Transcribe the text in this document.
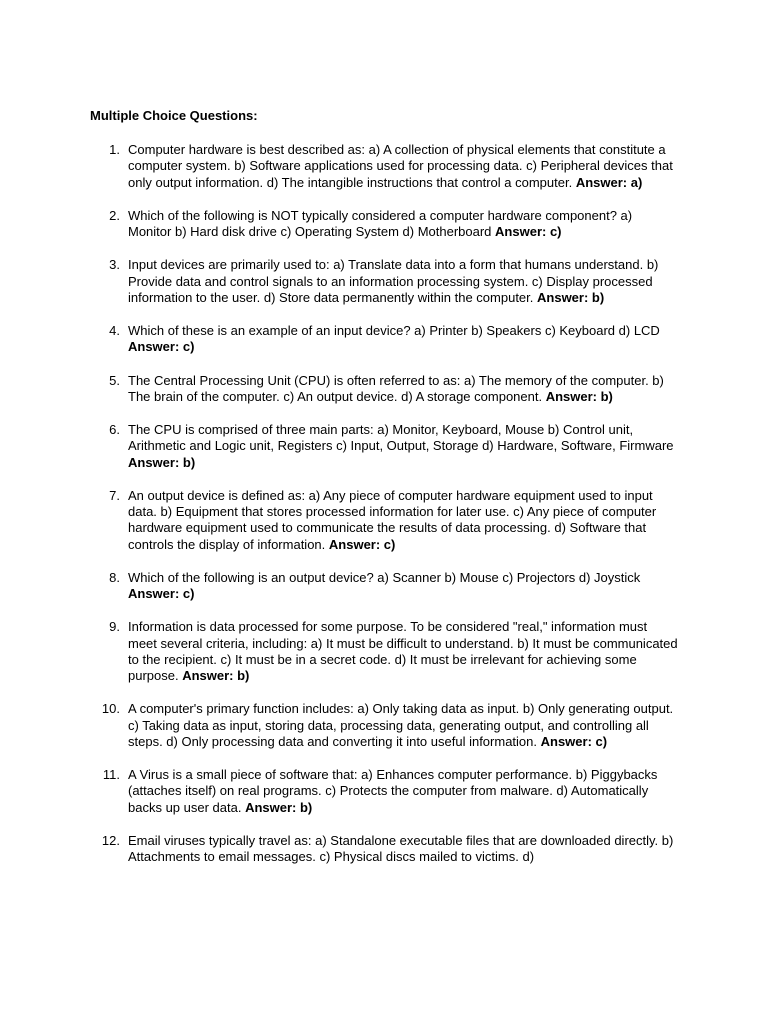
Multiple Choice Questions:
1. Computer hardware is best described as: a) A collection of physical elements that constitute a computer system. b) Software applications used for processing data. c) Peripheral devices that only output information. d) The intangible instructions that control a computer. Answer: a)
2. Which of the following is NOT typically considered a computer hardware component? a) Monitor b) Hard disk drive c) Operating System d) Motherboard Answer: c)
3. Input devices are primarily used to: a) Translate data into a form that humans understand. b) Provide data and control signals to an information processing system. c) Display processed information to the user. d) Store data permanently within the computer. Answer: b)
4. Which of these is an example of an input device? a) Printer b) Speakers c) Keyboard d) LCD Answer: c)
5. The Central Processing Unit (CPU) is often referred to as: a) The memory of the computer. b) The brain of the computer. c) An output device. d) A storage component. Answer: b)
6. The CPU is comprised of three main parts: a) Monitor, Keyboard, Mouse b) Control unit, Arithmetic and Logic unit, Registers c) Input, Output, Storage d) Hardware, Software, Firmware Answer: b)
7. An output device is defined as: a) Any piece of computer hardware equipment used to input data. b) Equipment that stores processed information for later use. c) Any piece of computer hardware equipment used to communicate the results of data processing. d) Software that controls the display of information. Answer: c)
8. Which of the following is an output device? a) Scanner b) Mouse c) Projectors d) Joystick Answer: c)
9. Information is data processed for some purpose. To be considered "real," information must meet several criteria, including: a) It must be difficult to understand. b) It must be communicated to the recipient. c) It must be in a secret code. d) It must be irrelevant for achieving some purpose. Answer: b)
10. A computer's primary function includes: a) Only taking data as input. b) Only generating output. c) Taking data as input, storing data, processing data, generating output, and controlling all steps. d) Only processing data and converting it into useful information. Answer: c)
11. A Virus is a small piece of software that: a) Enhances computer performance. b) Piggybacks (attaches itself) on real programs. c) Protects the computer from malware. d) Automatically backs up user data. Answer: b)
12. Email viruses typically travel as: a) Standalone executable files that are downloaded directly. b) Attachments to email messages. c) Physical discs mailed to victims. d)
